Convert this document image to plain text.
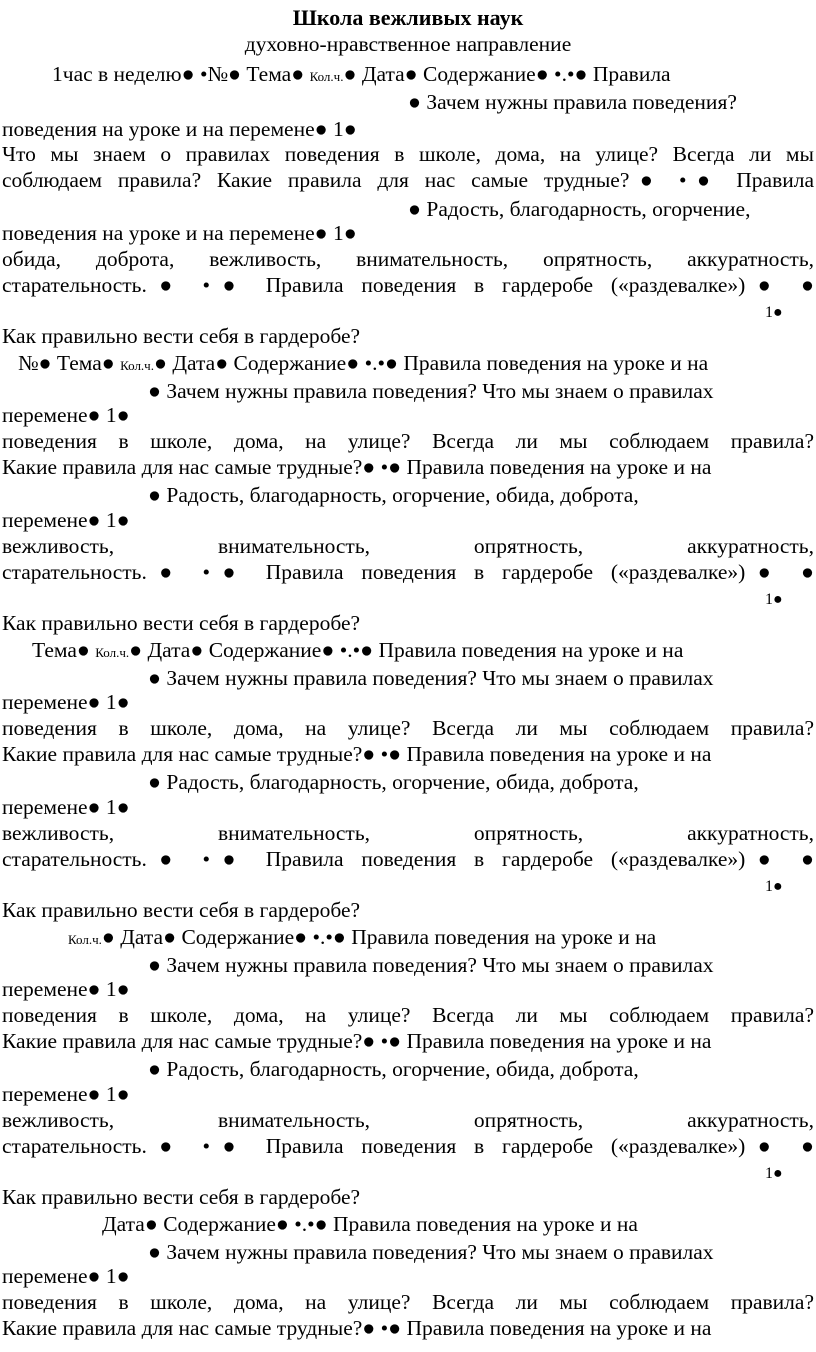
Школа вежливых наук
духовно-нравственное направление
1час в неделю● •№● Тема● Кол.ч.● Дата● Содержание● •.•● Правила
● Зачем нужны правила поведения?
поведения на уроке и на перемене● 1●
Что мы знаем о правилах поведения в школе, дома, на улице? Всегда ли мы
соблюдаем правила? Какие правила для нас самые трудные?● •● Правила
● Радость, благодарность, огорчение,
поведения на уроке и на перемене● 1●
обида, доброта, вежливость, внимательность, опрятность, аккуратность,
старательность.● •● Правила поведения в гардеробе («раздевалке»)● ●
1●
Как правильно вести себя в гардеробе?
№● Тема● Кол.ч.● Дата● Содержание● •.•● Правила поведения на уроке и на
● Зачем нужны правила поведения? Что мы знаем о правилах
перемене● 1●
поведения в школе, дома, на улице? Всегда ли мы соблюдаем правила?
Какие правила для нас самые трудные?● •● Правила поведения на уроке и на
● Радость, благодарность, огорчение, обида, доброта,
перемене● 1●
вежливость, внимательность, опрятность, аккуратность,
старательность.● •● Правила поведения в гардеробе («раздевалке»)● ●
1●
Как правильно вести себя в гардеробе?
Тема● Кол.ч.● Дата● Содержание● •.•● Правила поведения на уроке и на
● Зачем нужны правила поведения? Что мы знаем о правилах
перемене● 1●
поведения в школе, дома, на улице? Всегда ли мы соблюдаем правила?
Какие правила для нас самые трудные?● •● Правила поведения на уроке и на
● Радость, благодарность, огорчение, обида, доброта,
перемене● 1●
вежливость, внимательность, опрятность, аккуратность,
старательность.● •● Правила поведения в гардеробе («раздевалке»)● ●
1●
Как правильно вести себя в гардеробе?
Кол.ч.● Дата● Содержание● •.•● Правила поведения на уроке и на
● Зачем нужны правила поведения? Что мы знаем о правилах
перемене● 1●
поведения в школе, дома, на улице? Всегда ли мы соблюдаем правила?
Какие правила для нас самые трудные?● •● Правила поведения на уроке и на
● Радость, благодарность, огорчение, обида, доброта,
перемене● 1●
вежливость, внимательность, опрятность, аккуратность,
старательность.● •● Правила поведения в гардеробе («раздевалке»)● ●
1●
Как правильно вести себя в гардеробе?
Дата● Содержание● •.•● Правила поведения на уроке и на
● Зачем нужны правила поведения? Что мы знаем о правилах
перемене● 1●
поведения в школе, дома, на улице? Всегда ли мы соблюдаем правила?
Какие правила для нас самые трудные?● •● Правила поведения на уроке и на
